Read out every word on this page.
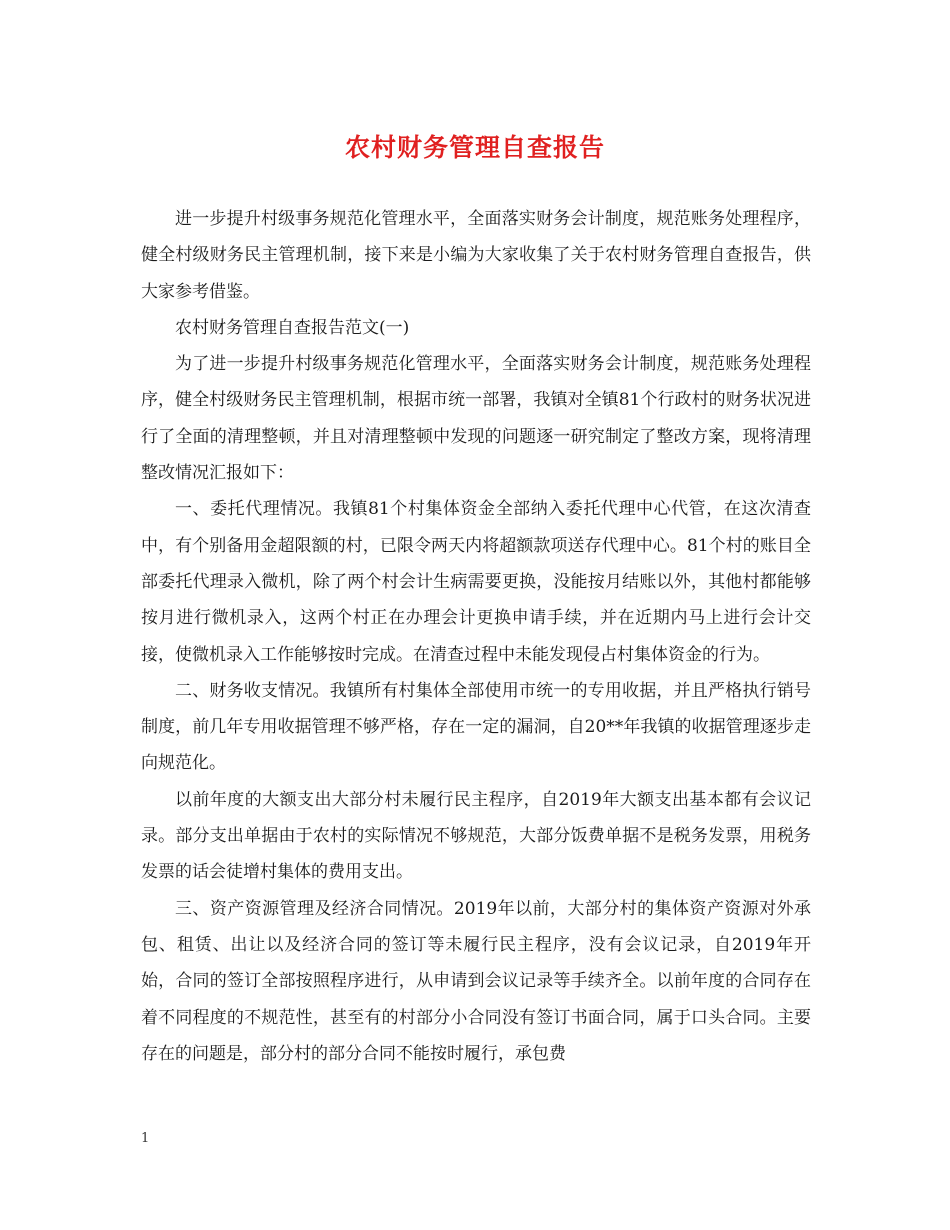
农村财务管理自查报告

进一步提升村级事务规范化管理水平，全面落实财务会计制度，规范账务处理程序，健全村级财务民主管理机制，接下来是小编为大家收集了关于农村财务管理自查报告，供大家参考借鉴。

农村财务管理自查报告范文(一)

为了进一步提升村级事务规范化管理水平，全面落实财务会计制度，规范账务处理程序，健全村级财务民主管理机制，根据市统一部署，我镇对全镇81个行政村的财务状况进行了全面的清理整顿，并且对清理整顿中发现的问题逐一研究制定了整改方案，现将清理整改情况汇报如下：

一、委托代理情况。我镇81个村集体资金全部纳入委托代理中心代管，在这次清查中，有个别备用金超限额的村，已限令两天内将超额款项送存代理中心。81个村的账目全部委托代理录入微机，除了两个村会计生病需要更换，没能按月结账以外，其他村都能够按月进行微机录入，这两个村正在办理会计更换申请手续，并在近期内马上进行会计交接，使微机录入工作能够按时完成。在清查过程中未能发现侵占村集体资金的行为。

二、财务收支情况。我镇所有村集体全部使用市统一的专用收据，并且严格执行销号制度，前几年专用收据管理不够严格，存在一定的漏洞，自20**年我镇的收据管理逐步走向规范化。

以前年度的大额支出大部分村未履行民主程序，自2019年大额支出基本都有会议记录。部分支出单据由于农村的实际情况不够规范，大部分饭费单据不是税务发票，用税务发票的话会徒增村集体的费用支出。

三、资产资源管理及经济合同情况。2019年以前，大部分村的集体资产资源对外承包、租赁、出让以及经济合同的签订等未履行民主程序，没有会议记录，自2019年开始，合同的签订全部按照程序进行，从申请到会议记录等手续齐全。以前年度的合同存在着不同程度的不规范性，甚至有的村部分小合同没有签订书面合同，属于口头合同。主要存在的问题是，部分村的部分合同不能按时履行，承包费

1
